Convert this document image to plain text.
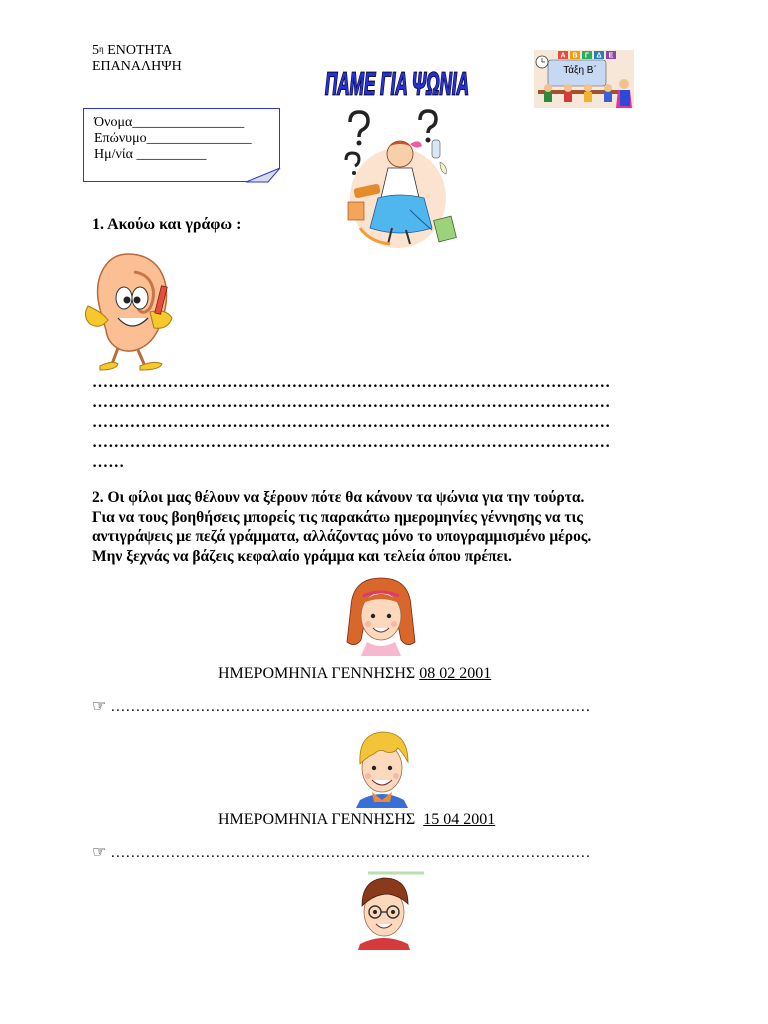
$5^\eta$ ΕΝΟΤΗΤΑ
ΕΠΑΝΑΛΗΨΗ
ΠΑΜΕ ΓΙΑ ΨΩΝΙΑ
A B Γ Δ E
Τάξη Β΄
Όνομα________________
Επώνυμο_______________
Ημ/νία __________
1. Ακούω και γράφω :
……………………………………………………………………………………
……………………………………………………………………………………
……………………………………………………………………………………
……………………………………………………………………………………
……
2. Οι φίλοι μας θέλουν να ξέρουν πότε θα κάνουν τα ψώνια για την τούρτα.
Για να τους βοηθήσεις μπορείς τις παρακάτω ημερομηνίες γέννησης να τις
αντιγράψεις με πεζά γράμματα, αλλάζοντας μόνο το υπογραμμισμένο μέρος.
Μην ξεχνάς να βάζεις κεφαλαίο γράμμα και τελεία όπου πρέπει.
ΗΜΕΡΟΜΗΝΙΑ ΓΕΝΝΗΣΗΣ 08 02 2001
☞ ……………………………………………………………………………………
ΗΜΕΡΟΜΗΝΙΑ ΓΕΝΝΗΣΗΣ 15 04 2001
☞ ……………………………………………………………………………………
